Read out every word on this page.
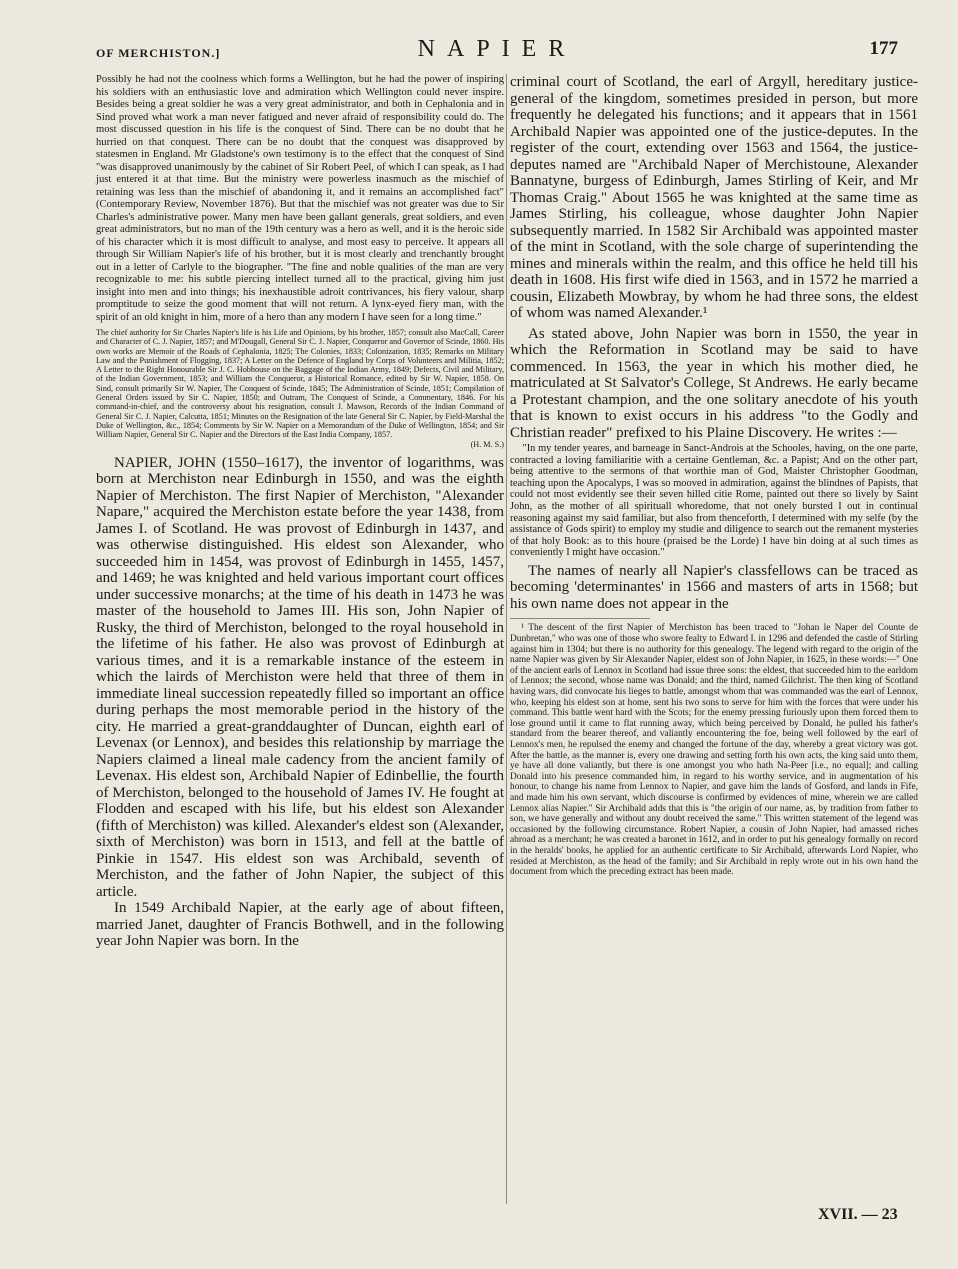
OF MERCHISTON.]	NAPIER	177

Possibly he had not the coolness which forms a Wellington, but he had the power of inspiring his soldiers with an enthusiastic love and admiration which Wellington could never inspire. Besides being a great soldier he was a very great administrator, and both in Cephalonia and in Sind proved what work a man never fatigued and never afraid of responsibility could do. The most discussed question in his life is the conquest of Sind. There can be no doubt that he hurried on that conquest. There can be no doubt that the conquest was disapproved by statesmen in England. Mr Gladstone's own testimony is to the effect that the conquest of Sind "was disapproved unanimously by the cabinet of Sir Robert Peel, of which I can speak, as I had just entered it at that time. But the ministry were powerless inasmuch as the mischief of retaining was less than the mischief of abandoning it, and it remains an accomplished fact" (Contemporary Review, November 1876). But that the mischief was not greater was due to Sir Charles's administrative power. Many men have been gallant generals, great soldiers, and even great administrators, but no man of the 19th century was a hero as well, and it is the heroic side of his character which it is most difficult to analyse, and most easy to perceive. It appears all through Sir William Napier's life of his brother, but it is most clearly and trenchantly brought out in a letter of Carlyle to the biographer. "The fine and noble qualities of the man are very recognizable to me: his subtle piercing intellect turned all to the practical, giving him just insight into men and into things; his inexhaustible adroit contrivances, his fiery valour, sharp promptitude to seize the good moment that will not return. A lynx-eyed fiery man, with the spirit of an old knight in him, more of a hero than any modern I have seen for a long time."

The chief authority for Sir Charles Napier's life is his Life and Opinions, by his brother, 1857; consult also MacCall, Career and Character of C. J. Napier, 1857; and M'Dougall, General Sir C. J. Napier, Conqueror and Governor of Scinde, 1860. His own works are Memoir of the Roads of Cephalonia, 1825; The Colonies, 1833; Colonization, 1835; Remarks on Military Law and the Punishment of Flogging, 1837; A Letter on the Defence of England by Corps of Volunteers and Militia, 1852; A Letter to the Right Honourable Sir J. C. Hobhouse on the Baggage of the Indian Army, 1849; Defects, Civil and Military, of the Indian Government, 1853; and William the Conqueror, a Historical Romance, edited by Sir W. Napier, 1858. On Sind, consult primarily Sir W. Napier, The Conquest of Scinde, 1845; The Administration of Scinde, 1851; Compilation of General Orders issued by Sir C. Napier, 1850; and Outram, The Conquest of Scinde, a Commentary, 1846. For his command-in-chief, and the controversy about his resignation, consult J. Mawson, Records of the Indian Command of General Sir C. J. Napier, Calcutta, 1851; Minutes on the Resignation of the late General Sir C. Napier, by Field-Marshal the Duke of Wellington, &c., 1854; Comments by Sir W. Napier on a Memorandum of the Duke of Wellington, 1854; and Sir William Napier, General Sir C. Napier and the Directors of the East India Company, 1857.
(H. M. S.)

NAPIER, JOHN (1550–1617), the inventor of logarithms, was born at Merchiston near Edinburgh in 1550, and was the eighth Napier of Merchiston. The first Napier of Merchiston, "Alexander Napare," acquired the Merchiston estate before the year 1438, from James I. of Scotland. He was provost of Edinburgh in 1437, and was otherwise distinguished. His eldest son Alexander, who succeeded him in 1454, was provost of Edinburgh in 1455, 1457, and 1469; he was knighted and held various important court offices under successive monarchs; at the time of his death in 1473 he was master of the household to James III. His son, John Napier of Rusky, the third of Merchiston, belonged to the royal household in the lifetime of his father. He also was provost of Edinburgh at various times, and it is a remarkable instance of the esteem in which the lairds of Merchiston were held that three of them in immediate lineal succession repeatedly filled so important an office during perhaps the most memorable period in the history of the city. He married a great-granddaughter of Duncan, eighth earl of Levenax (or Lennox), and besides this relationship by marriage the Napiers claimed a lineal male cadency from the ancient family of Levenax. His eldest son, Archibald Napier of Edinbellie, the fourth of Merchiston, belonged to the household of James IV. He fought at Flodden and escaped with his life, but his eldest son Alexander (fifth of Merchiston) was killed. Alexander's eldest son (Alexander, sixth of Merchiston) was born in 1513, and fell at the battle of Pinkie in 1547. His eldest son was Archibald, seventh of Merchiston, and the father of John Napier, the subject of this article.

In 1549 Archibald Napier, at the early age of about fifteen, married Janet, daughter of Francis Bothwell, and in the following year John Napier was born. In the

criminal court of Scotland, the earl of Argyll, hereditary justice-general of the kingdom, sometimes presided in person, but more frequently he delegated his functions; and it appears that in 1561 Archibald Napier was appointed one of the justice-deputes. In the register of the court, extending over 1563 and 1564, the justice-deputes named are "Archibald Naper of Merchistoune, Alexander Bannatyne, burgess of Edinburgh, James Stirling of Keir, and Mr Thomas Craig." About 1565 he was knighted at the same time as James Stirling, his colleague, whose daughter John Napier subsequently married. In 1582 Sir Archibald was appointed master of the mint in Scotland, with the sole charge of superintending the mines and minerals within the realm, and this office he held till his death in 1608. His first wife died in 1563, and in 1572 he married a cousin, Elizabeth Mowbray, by whom he had three sons, the eldest of whom was named Alexander.¹

As stated above, John Napier was born in 1550, the year in which the Reformation in Scotland may be said to have commenced. In 1563, the year in which his mother died, he matriculated at St Salvator's College, St Andrews. He early became a Protestant champion, and the one solitary anecdote of his youth that is known to exist occurs in his address "to the Godly and Christian reader" prefixed to his Plaine Discovery. He writes :—

"In my tender yeares, and barneage in Sanct-Androis at the Schooles, having, on the one parte, contracted a loving familiaritie with a certaine Gentleman, &c. a Papist; And on the other part, being attentive to the sermons of that worthie man of God, Maister Christopher Goodman, teaching upon the Apocalyps, I was so mooved in admiration, against the blindnes of Papists, that could not most evidently see their seven hilled citie Rome, painted out there so lively by Saint John, as the mother of all spirituall whoredome, that not onely bursted I out in continual reasoning against my said familiar, but also from thenceforth, I determined with my selfe (by the assistance of Gods spirit) to employ my studie and diligence to search out the remanent mysteries of that holy Book: as to this houre (praised be the Lorde) I have bin doing at al such times as conveniently I might have occasion."

The names of nearly all Napier's classfellows can be traced as becoming 'determinantes' in 1566 and masters of arts in 1568; but his own name does not appear in the

¹ The descent of the first Napier of Merchiston has been traced to "Johan le Naper del Counte de Dunbretan," who was one of those who swore fealty to Edward I. in 1296 and defended the castle of Stirling against him in 1304; but there is no authority for this genealogy. The legend with regard to the origin of the name Napier was given by Sir Alexander Napier, eldest son of John Napier, in 1625, in these words:—" One of the ancient earls of Lennox in Scotland had issue three sons: the eldest, that succeeded him to the earldom of Lennox; the second, whose name was Donald; and the third, named Gilchrist. The then king of Scotland having wars, did convocate his lieges to battle, amongst whom that was commanded was the earl of Lennox, who, keeping his eldest son at home, sent his two sons to serve for him with the forces that were under his command. This battle went hard with the Scots; for the enemy pressing furiously upon them forced them to lose ground until it came to flat running away, which being perceived by Donald, he pulled his father's standard from the bearer thereof, and valiantly encountering the foe, being well followed by the earl of Lennox's men, he repulsed the enemy and changed the fortune of the day, whereby a great victory was got. After the battle, as the manner is, every one drawing and setting forth his own acts, the king said unto them, ye have all done valiantly, but there is one amongst you who hath Na-Peer [i.e., no equal]; and calling Donald into his presence commanded him, in regard to his worthy service, and in augmentation of his honour, to change his name from Lennox to Napier, and gave him the lands of Gosford, and lands in Fife, and made him his own servant, which discourse is confirmed by evidences of mine, wherein we are called Lennox alias Napier." Sir Archibald adds that this is "the origin of our name, as, by tradition from father to son, we have generally and without any doubt received the same." This written statement of the legend was occasioned by the following circumstance. Robert Napier, a cousin of John Napier, had amassed riches abroad as a merchant; he was created a baronet in 1612, and in order to put his genealogy formally on record in the heralds' books, he applied for an authentic certificate to Sir Archibald, afterwards Lord Napier, who resided at Merchiston, as the head of the family; and Sir Archibald in reply wrote out in his own hand the document from which the preceding extract has been made.

XVII. — 23
